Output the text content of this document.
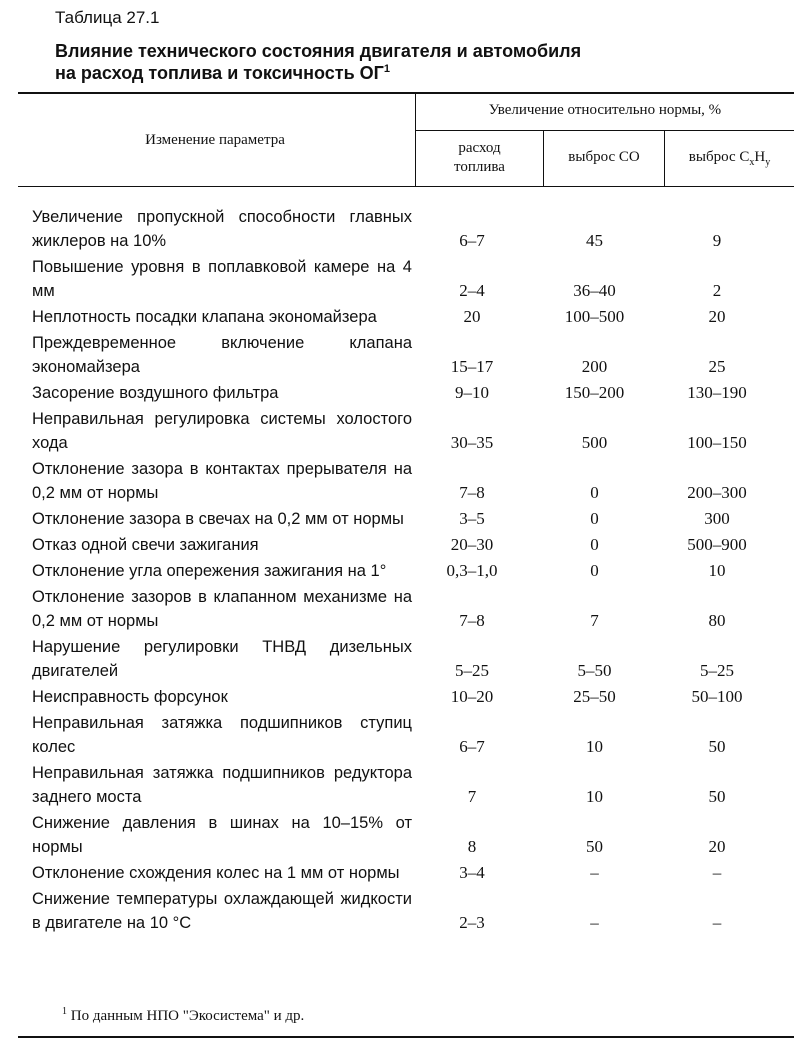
Таблица 27.1
Влияние технического состояния двигателя и автомобиля
на расход топлива и токсичность $ОГ^1$
Изменение параметра
Увеличение относительно нормы, %
расход
топлива
выброс CO	выброс $C_xH_y$
Увеличение пропускной способности главных жиклеров на 10%	6–7	45	9
Повышение уровня в поплавковой камере на 4 мм	2–4	36–40	2
Неплотность посадки клапана экономайзера	20	100–500	20
Преждевременное включение клапана экономайзера	15–17	200	25
Засорение воздушного фильтра	9–10	150–200	130–190
Неправильная регулировка системы холостого хода	30–35	500	100–150
Отклонение зазора в контактах прерывателя на 0,2 мм от нормы	7–8	0	200–300
Отклонение зазора в свечах на 0,2 мм от нормы	3–5	0	300
Отказ одной свечи зажигания	20–30	0	500–900
Отклонение угла опережения зажигания на 1°	0,3–1,0	0	10
Отклонение зазоров в клапанном механизме на 0,2 мм от нормы	7–8	7	80
Нарушение регулировки ТНВД дизельных двигателей	5–25	5–50	5–25
Неисправность форсунок	10–20	25–50	50–100
Неправильная затяжка подшипников ступиц колес	6–7	10	50
Неправильная затяжка подшипников редуктора заднего моста	7	10	50
Снижение давления в шинах на 10–15% от нормы	8	50	20
Отклонение схождения колес на 1 мм от нормы	3–4	–	–
Снижение температуры охлаждающей жидкости в двигателе на 10 °С	2–3	–	–
$^1$ По данным НПО "Экосистема" и др.
